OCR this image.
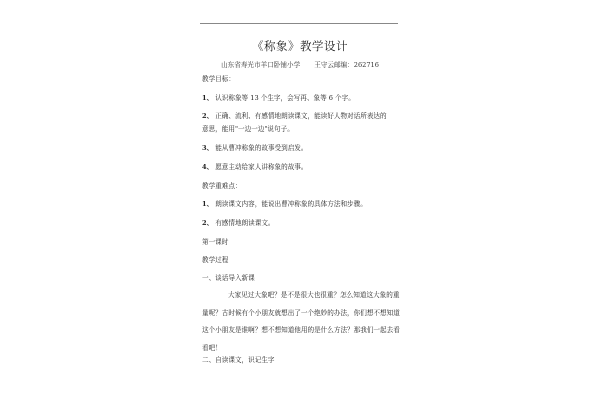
《称象》教学设计
山东省寿光市羊口卧铺小学 王守云邮编：262716
教学目标：
1、 认识称象等 13 个生字，会写再、象等 6 个字。
2、 正确、流利、有感情地朗读课文，能读好人物对话所表达的
意思，能用"一边一边"说句子。
3、 能从曹冲称象的故事受到启发。
4、 愿意主动给家人讲称象的故事。
教学重难点：
1、 朗读课文内容，能说出曹冲称象的具体方法和步骤。
2、 有感情地朗读课文。
第一课时
教学过程
一、谈话导入新课
大家见过大象吧？是不是很大也很重？怎么知道这大象的重量呢？古时候有个小朋友就想出了一个绝妙的办法，你们想不想知道这个小朋友是谁啊？想不想知道他用的是什么方法？那我们一起去看看吧！
二、自读课文，识记生字
